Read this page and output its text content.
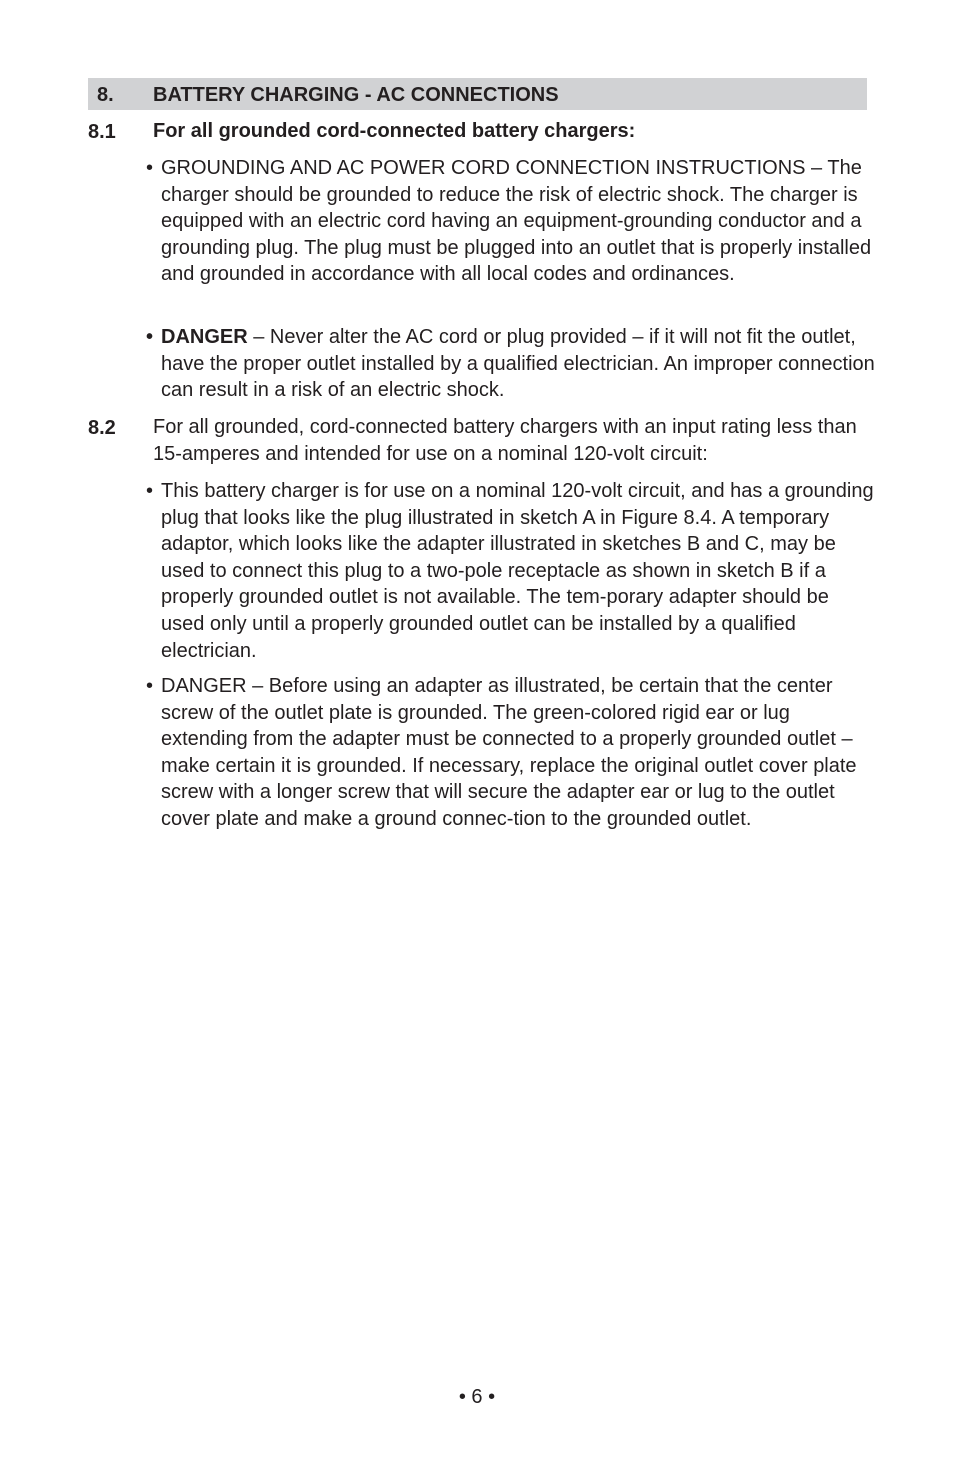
8. BATTERY CHARGING - AC CONNECTIONS
8.1 For all grounded cord-connected battery chargers:
• GROUNDING AND AC POWER CORD CONNECTION INSTRUCTIONS – The charger should be grounded to reduce the risk of electric shock. The charger is equipped with an electric cord having an equipment-grounding conductor and a grounding plug. The plug must be plugged into an outlet that is properly installed and grounded in accordance with all local codes and ordinances.
• DANGER – Never alter the AC cord or plug provided – if it will not fit the outlet, have the proper outlet installed by a qualified electrician. An improper connection can result in a risk of an electric shock.
8.2 For all grounded, cord-connected battery chargers with an input rating less than 15-amperes and intended for use on a nominal 120-volt circuit:
• This battery charger is for use on a nominal 120-volt circuit, and has a grounding plug that looks like the plug illustrated in sketch A in Figure 8.4. A temporary adaptor, which looks like the adapter illustrated in sketches B and C, may be used to connect this plug to a two-pole receptacle as shown in sketch B if a properly grounded outlet is not available. The tem-porary adapter should be used only until a properly grounded outlet can be installed by a qualified electrician.
• DANGER – Before using an adapter as illustrated, be certain that the center screw of the outlet plate is grounded. The green-colored rigid ear or lug extending from the adapter must be connected to a properly grounded outlet – make certain it is grounded. If necessary, replace the original outlet cover plate screw with a longer screw that will secure the adapter ear or lug to the outlet cover plate and make a ground connec-tion to the grounded outlet.
• 6 •
